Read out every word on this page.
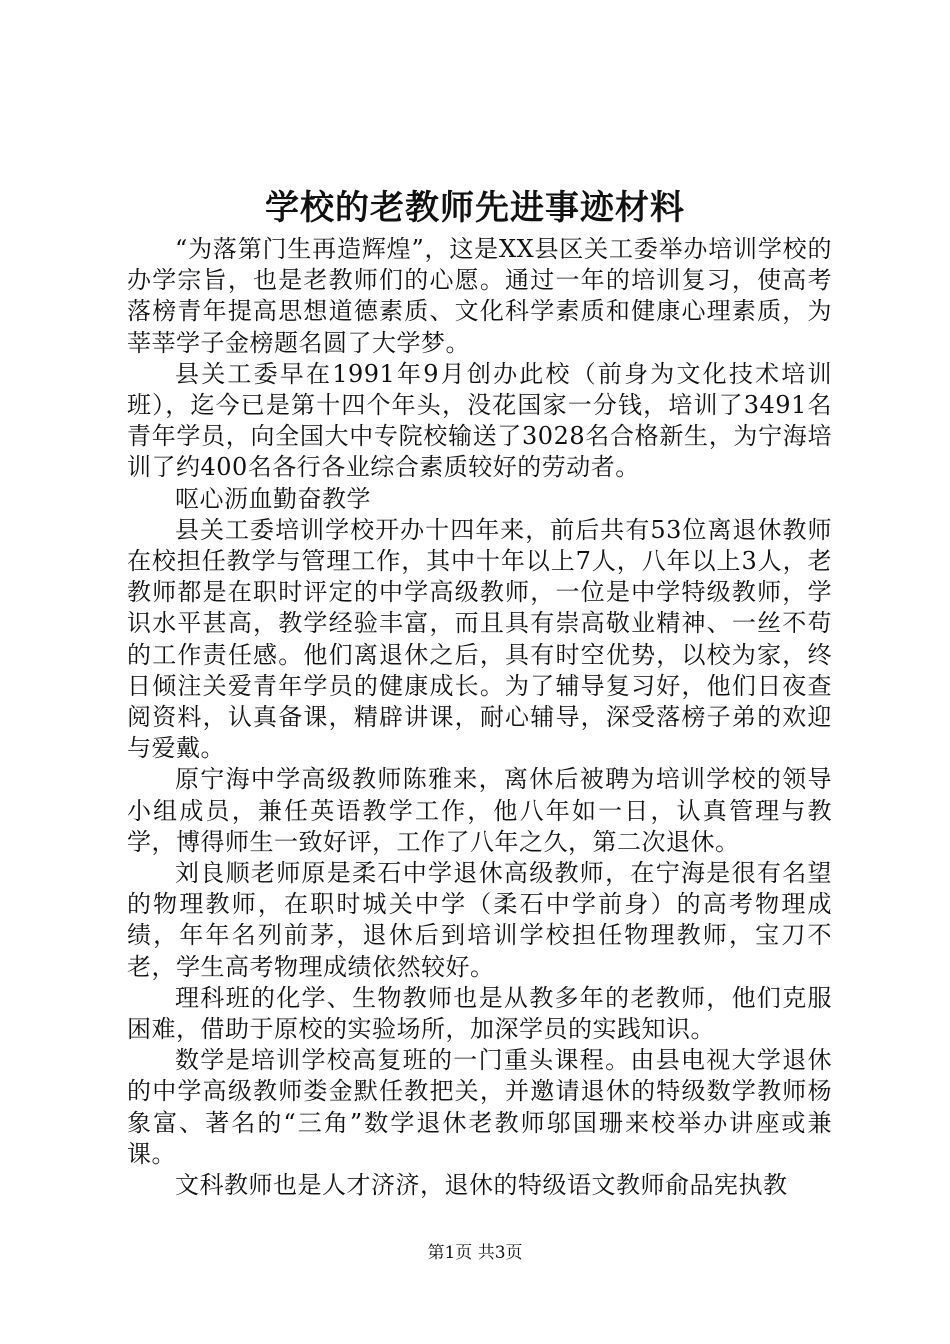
学校的老教师先进事迹材料

“为落第门生再造辉煌”，这是XX县区关工委举办培训学校的办学宗旨，也是老教师们的心愿。通过一年的培训复习，使高考落榜青年提高思想道德素质、文化科学素质和健康心理素质，为莘莘学子金榜题名圆了大学梦。

县关工委早在1991年9月创办此校（前身为文化技术培训班），迄今已是第十四个年头，没花国家一分钱，培训了3491名青年学员，向全国大中专院校输送了3028名合格新生，为宁海培训了约400名各行各业综合素质较好的劳动者。

呕心沥血勤奋教学

县关工委培训学校开办十四年来，前后共有53位离退休教师在校担任教学与管理工作，其中十年以上7人，八年以上3人，老教师都是在职时评定的中学高级教师，一位是中学特级教师，学识水平甚高，教学经验丰富，而且具有崇高敬业精神、一丝不苟的工作责任感。他们离退休之后，具有时空优势，以校为家，终日倾注关爱青年学员的健康成长。为了辅导复习好，他们日夜查阅资料，认真备课，精辟讲课，耐心辅导，深受落榜子弟的欢迎与爱戴。

原宁海中学高级教师陈雅来，离休后被聘为培训学校的领导小组成员，兼任英语教学工作，他八年如一日，认真管理与教学，博得师生一致好评，工作了八年之久，第二次退休。

刘良顺老师原是柔石中学退休高级教师，在宁海是很有名望的物理教师，在职时城关中学（柔石中学前身）的高考物理成绩，年年名列前茅，退休后到培训学校担任物理教师，宝刀不老，学生高考物理成绩依然较好。

理科班的化学、生物教师也是从教多年的老教师，他们克服困难，借助于原校的实验场所，加深学员的实践知识。

数学是培训学校高复班的一门重头课程。由县电视大学退休的中学高级教师娄金默任教把关，并邀请退休的特级数学教师杨象富、著名的“三角”数学退休老教师邬国珊来校举办讲座或兼课。

文科教师也是人才济济，退休的特级语文教师俞品宪执教

第1页 共3页
